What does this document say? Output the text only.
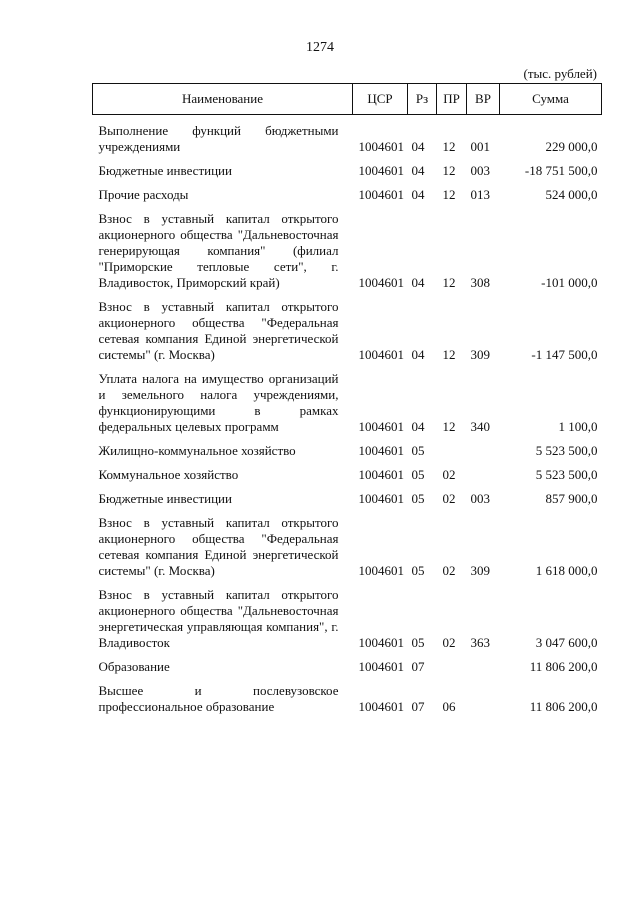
1274
(тыс. рублей)
Наименование	ЦСР	Рз	ПР	ВР	Сумма

Выполнение функций бюджетными учреждениями	1004601	04	12	001	229 000,0
Бюджетные инвестиции	1004601	04	12	003	-18 751 500,0
Прочие расходы	1004601	04	12	013	524 000,0
Взнос в уставный капитал открытого акционерного общества "Дальневосточная генерирующая компания" (филиал "Приморские тепловые сети", г. Владивосток, Приморский край)	1004601	04	12	308	-101 000,0
Взнос в уставный капитал открытого акционерного общества "Федеральная сетевая компания Единой энергетической системы" (г. Москва)	1004601	04	12	309	-1 147 500,0
Уплата налога на имущество организаций и земельного налога учреждениями, функционирующими в рамках федеральных целевых программ	1004601	04	12	340	1 100,0
Жилищно-коммунальное хозяйство	1004601	05			5 523 500,0
Коммунальное хозяйство	1004601	05	02		5 523 500,0
Бюджетные инвестиции	1004601	05	02	003	857 900,0
Взнос в уставный капитал открытого акционерного общества "Федеральная сетевая компания Единой энергетической системы" (г. Москва)	1004601	05	02	309	1 618 000,0
Взнос в уставный капитал открытого акционерного общества "Дальневосточная энергетическая управляющая компания", г. Владивосток	1004601	05	02	363	3 047 600,0
Образование	1004601	07			11 806 200,0
Высшее и послевузовское профессиональное образование	1004601	07	06		11 806 200,0
